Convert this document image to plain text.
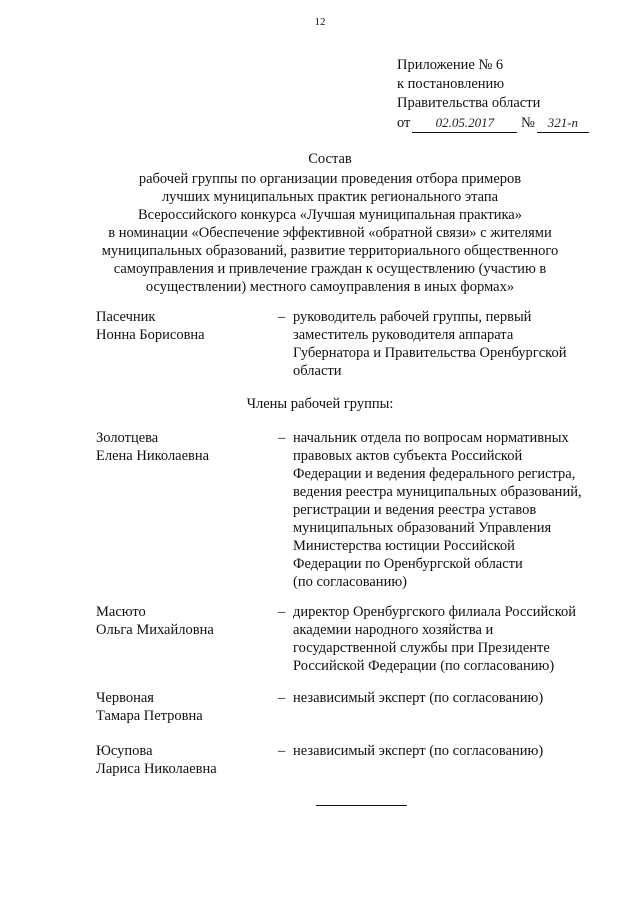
12
Приложение № 6
к постановлению
Правительства области
от 02.05.2017 № 321-п
Состав
рабочей группы по организации проведения отбора примеров
лучших муниципальных практик регионального этапа
Всероссийского конкурса «Лучшая муниципальная практика»
в номинации «Обеспечение эффективной «обратной связи» с жителями
муниципальных образований, развитие территориального общественного
самоуправления и привлечение граждан к осуществлению (участию в
осуществлении) местного самоуправления в иных формах»
Пасечник
Нонна Борисовна
– руководитель рабочей группы, первый
заместитель руководителя аппарата
Губернатора и Правительства Оренбургской
области
Члены рабочей группы:
Золотцева
Елена Николаевна
– начальник отдела по вопросам нормативных
правовых актов субъекта Российской
Федерации и ведения федерального регистра,
ведения реестра муниципальных образований,
регистрации и ведения реестра уставов
муниципальных образований Управления
Министерства юстиции Российской
Федерации по Оренбургской области
(по согласованию)
Масюто
Ольга Михайловна
– директор Оренбургского филиала Российской
академии народного хозяйства и
государственной службы при Президенте
Российской Федерации (по согласованию)
Червоная
Тамара Петровна
– независимый эксперт (по согласованию)
Юсупова
Лариса Николаевна
– независимый эксперт (по согласованию)
